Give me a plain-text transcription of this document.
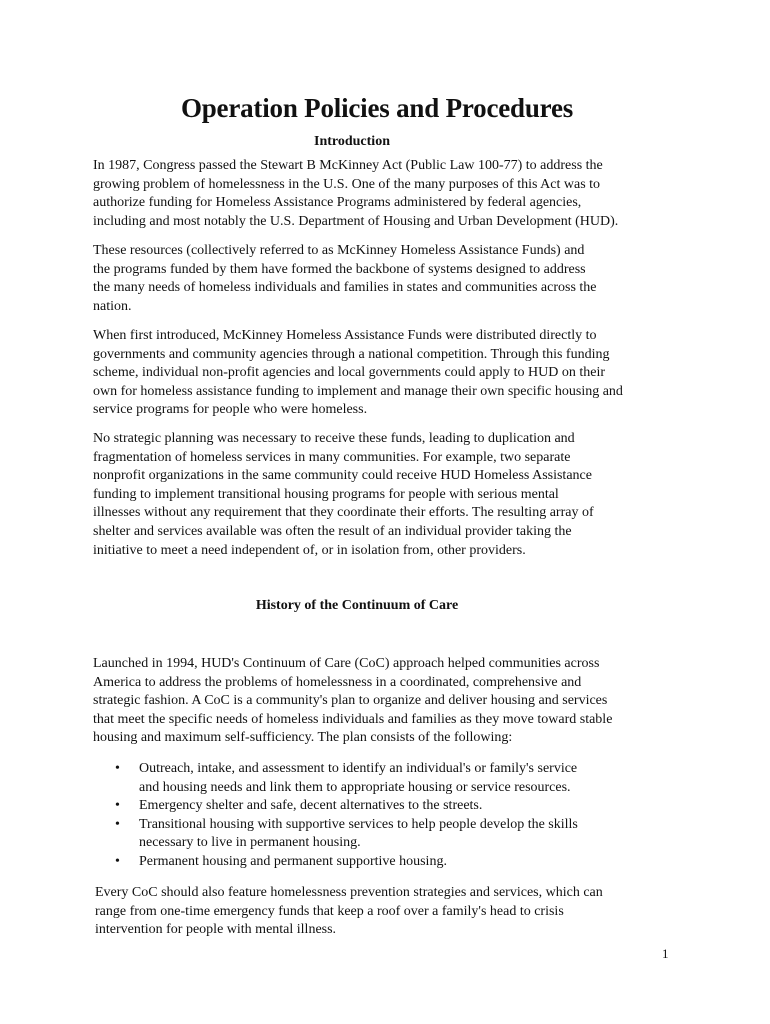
Operation Policies and Procedures
Introduction

In 1987, Congress passed the Stewart B McKinney Act (Public Law 100-77) to address the
growing problem of homelessness in the U.S. One of the many purposes of this Act was to
authorize funding for Homeless Assistance Programs administered by federal agencies,
including and most notably the U.S. Department of Housing and Urban Development (HUD).

These resources (collectively referred to as McKinney Homeless Assistance Funds) and
the programs funded by them have formed the backbone of systems designed to address
the many needs of homeless individuals and families in states and communities across the
nation.

When first introduced, McKinney Homeless Assistance Funds were distributed directly to
governments and community agencies through a national competition. Through this funding
scheme, individual non-profit agencies and local governments could apply to HUD on their
own for homeless assistance funding to implement and manage their own specific housing and
service programs for people who were homeless.

No strategic planning was necessary to receive these funds, leading to duplication and
fragmentation of homeless services in many communities. For example, two separate
nonprofit organizations in the same community could receive HUD Homeless Assistance
funding to implement transitional housing programs for people with serious mental
illnesses without any requirement that they coordinate their efforts. The resulting array of
shelter and services available was often the result of an individual provider taking the
initiative to meet a need independent of, or in isolation from, other providers.

History of the Continuum of Care

Launched in 1994, HUD's Continuum of Care (CoC) approach helped communities across
America to address the problems of homelessness in a coordinated, comprehensive and
strategic fashion. A CoC is a community's plan to organize and deliver housing and services
that meet the specific needs of homeless individuals and families as they move toward stable
housing and maximum self-sufficiency. The plan consists of the following:

• Outreach, intake, and assessment to identify an individual's or family's service
and housing needs and link them to appropriate housing or service resources.
• Emergency shelter and safe, decent alternatives to the streets.
• Transitional housing with supportive services to help people develop the skills
necessary to live in permanent housing.
• Permanent housing and permanent supportive housing.

Every CoC should also feature homelessness prevention strategies and services, which can
range from one-time emergency funds that keep a roof over a family's head to crisis
intervention for people with mental illness.

1
